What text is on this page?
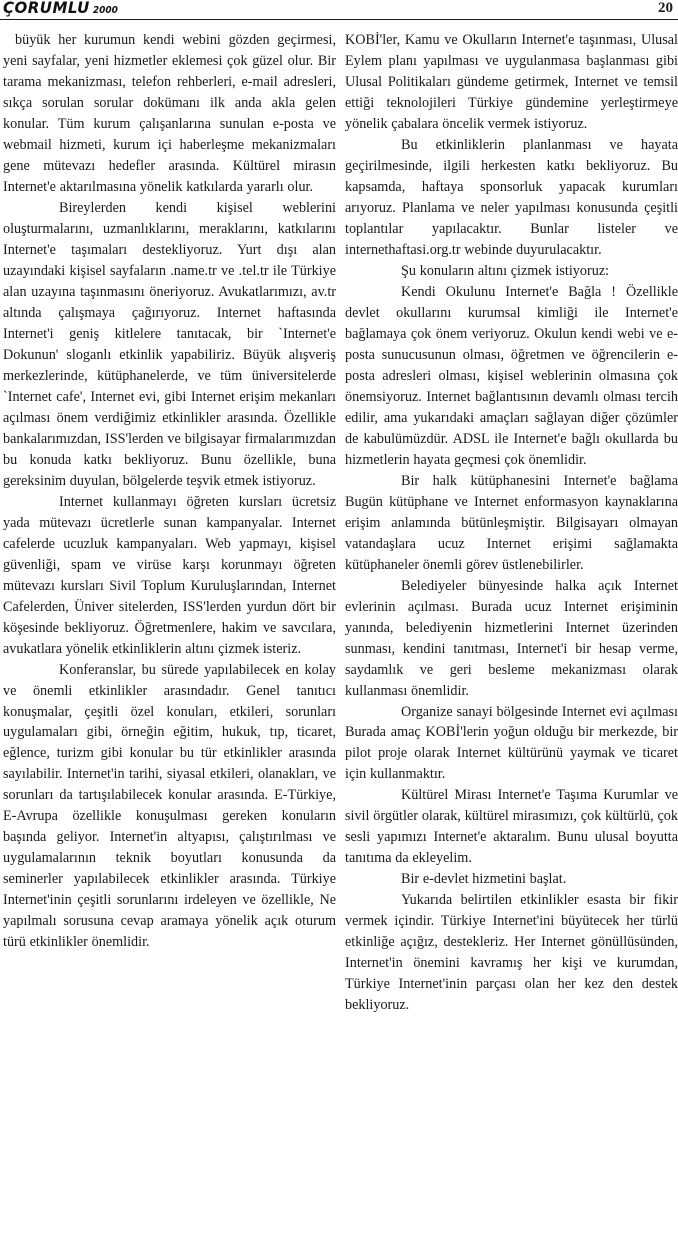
ÇORUMLU 2000	20

büyük her kurumun kendi webini gözden geçirmesi, yeni sayfalar, yeni hizmetler eklemesi çok güzel olur. Bir tarama mekanizması, telefon rehberleri, e-mail adresleri, sıkça sorulan sorular dokümanı ilk anda akla gelen konular. Tüm kurum çalışanlarına sunulan e-posta ve webmail hizmeti, kurum içi haberleşme mekanizmaları gene mütevazı hedefler arasında. Kültürel mirasın Internet'e aktarılmasına yönelik katkılarda yararlı olur.

Bireylerden kendi kişisel weblerini oluşturmalarını, uzmanlıklarını, meraklarını, katkılarını Internet'e taşımaları destekliyoruz. Yurt dışı alan uzayındaki kişisel sayfaların .name.tr ve .tel.tr ile Türkiye alan uzayına taşınmasını öneriyoruz. Avukatlarımızı, av.tr altında çalışmaya çağırıyoruz. Internet haftasında Internet'i geniş kitlelere tanıtacak, bir `Internet'e Dokunun' sloganlı etkinlik yapabiliriz. Büyük alışveriş merkezlerinde, kütüphanelerde, ve tüm üniversitelerde `Internet cafe', Internet evi, gibi Internet erişim mekanları açılması önem verdiğimiz etkinlikler arasında. Özellikle bankalarımızdan, ISS'lerden ve bilgisayar firmalarımızdan bu konuda katkı bekliyoruz. Bunu özellikle, buna gereksinim duyulan, bölgelerde teşvik etmek istiyoruz.

Internet kullanmayı öğreten kursları ücretsiz yada mütevazı ücretlerle sunan kampanyalar. Internet cafelerde ucuzluk kampanyaları. Web yapmayı, kişisel güvenliği, spam ve virüse karşı korunmayı öğreten mütevazı kursları Sivil Toplum Kuruluşlarından, Internet Cafelerden, Üniver sitelerden, ISS'lerden yurdun dört bir köşesinde bekliyoruz. Öğretmenlere, hakim ve savcılara, avukatlara yönelik etkinliklerin altını çizmek isteriz.

Konferanslar, bu sürede yapılabilecek en kolay ve önemli etkinlikler arasındadır. Genel tanıtıcı konuşmalar, çeşitli özel konuları, etkileri, sorunları uygulamaları gibi, örneğin eğitim, hukuk, tıp, ticaret, eğlence, turizm gibi konular bu tür etkinlikler arasında sayılabilir. Internet'in tarihi, siyasal etkileri, olanakları, ve sorunları da tartışılabilecek konular arasında. E-Türkiye, E-Avrupa özellikle konuşulması gereken konuların başında geliyor. Internet'in altyapısı, çalıştırılması ve uygulamalarının teknik boyutları konusunda da seminerler yapılabilecek etkinlikler arasında. Türkiye Internet'inin çeşitli sorunlarını irdeleyen ve özellikle, Ne yapılmalı sorusuna cevap aramaya yönelik açık oturum türü etkinlikler önemlidir.

KOBİ'ler, Kamu ve Okulların Internet'e taşınması, Ulusal Eylem planı yapılması ve uygulanmasa başlanması gibi Ulusal Politikaları gündeme getirmek, Internet ve temsil ettiği teknolojileri Türkiye gündemine yerleştirmeye yönelik çabalara öncelik vermek istiyoruz.

Bu etkinliklerin planlanması ve hayata geçirilmesinde, ilgili herkesten katkı bekliyoruz. Bu kapsamda, haftaya sponsorluk yapacak kurumları arıyoruz. Planlama ve neler yapılması konusunda çeşitli toplantılar yapılacaktır. Bunlar listeler ve internethaftasi.org.tr webinde duyurulacaktır.

Şu konuların altını çizmek istiyoruz:

Kendi Okulunu Internet'e Bağla ! Özellikle devlet okullarını kurumsal kimliği ile Internet'e bağlamaya çok önem veriyoruz. Okulun kendi webi ve e-posta sunucusunun olması, öğretmen ve öğrencilerin e-posta adresleri olması, kişisel weblerinin olmasına çok önemsiyoruz. Internet bağlantısının devamlı olması tercih edilir, ama yukarıdaki amaçları sağlayan diğer çözümler de kabulümüzdür. ADSL ile Internet'e bağlı okullarda bu hizmetlerin hayata geçmesi çok önemlidir.

Bir halk kütüphanesini Internet'e bağlama Bugün kütüphane ve Internet enformasyon kaynaklarına erişim anlamında bütünleşmiştir. Bilgisayarı olmayan vatandaşlara ucuz Internet erişimi sağlamakta kütüphaneler önemli görev üstlenebilirler.

Belediyeler bünyesinde halka açık Internet evlerinin açılması. Burada ucuz Internet erişiminin yanında, belediyenin hizmetlerini Internet üzerinden sunması, kendini tanıtması, Internet'i bir hesap verme, saydamlık ve geri besleme mekanizması olarak kullanması önemlidir.

Organize sanayi bölgesinde Internet evi açılması Burada amaç KOBİ'lerin yoğun olduğu bir merkezde, bir pilot proje olarak Internet kültürünü yaymak ve ticaret için kullanmaktır.

Kültürel Mirası Internet'e Taşıma Kurumlar ve sivil örgütler olarak, kültürel mirasımızı, çok kültürlü, çok sesli yapımızı Internet'e aktaralım. Bunu ulusal boyutta tanıtıma da ekleyelim.

Bir e-devlet hizmetini başlat.

Yukarıda belirtilen etkinlikler esasta bir fikir vermek içindir. Türkiye Internet'ini büyütecek her türlü etkinliğe açığız, destekleriz. Her Internet gönüllüsünden, Internet'in önemini kavramış her kişi ve kurumdan, Türkiye Internet'inin parçası olan her kez den destek bekliyoruz.
